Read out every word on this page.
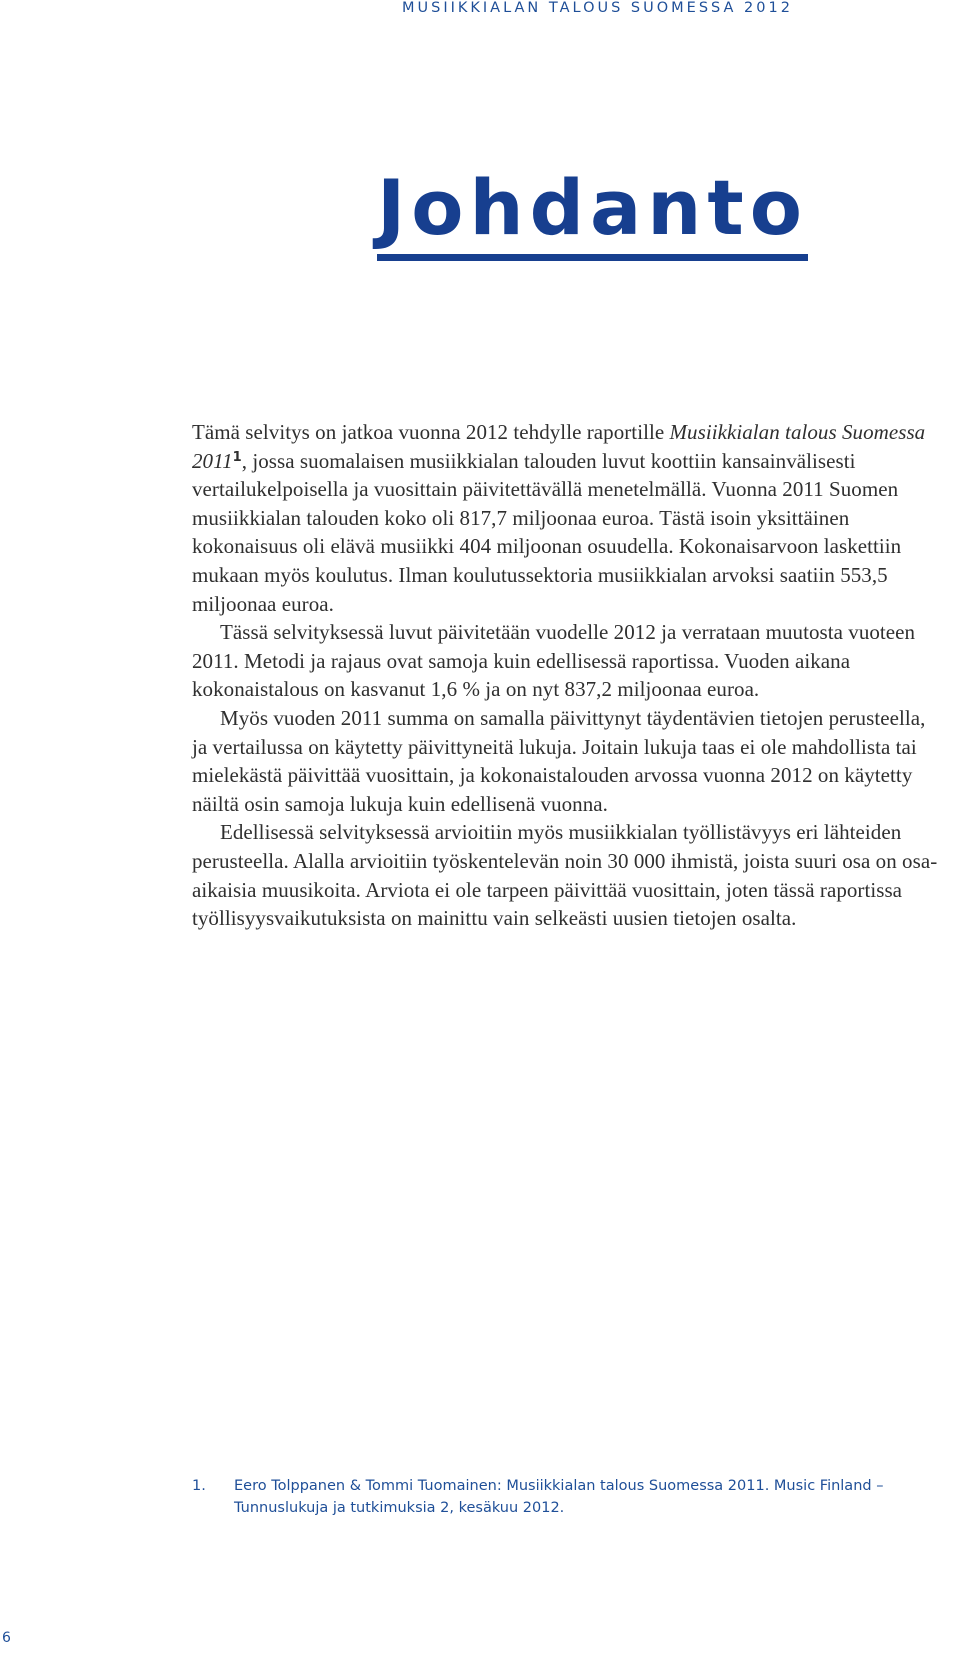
MUSIIKKIALAN TALOUS SUOMESSA 2012
Johdanto

Tämä selvitys on jatkoa vuonna 2012 tehdylle raportille Musiikkialan talous Suomessa 2011$^1$, jossa suomalaisen musiikkialan talouden luvut koottiin kansainvälisesti vertailukelpoisella ja vuosittain päivitettävällä menetelmällä. Vuonna 2011 Suomen musiikkialan talouden koko oli 817,7 miljoonaa euroa. Tästä isoin yksittäinen kokonaisuus oli elävä musiikki 404 miljoonan osuudella. Kokonaisarvoon laskettiin mukaan myös koulutus. Ilman koulutussektoria musiikkialan arvoksi saatiin 553,5 miljoonaa euroa.

Tässä selvityksessä luvut päivitetään vuodelle 2012 ja verrataan muutosta vuoteen 2011. Metodi ja rajaus ovat samoja kuin edellisessä raportissa. Vuoden aikana kokonaistalous on kasvanut 1,6 % ja on nyt 837,2 miljoonaa euroa.

Myös vuoden 2011 summa on samalla päivittynyt täydentävien tietojen perusteella, ja vertailussa on käytetty päivittyneitä lukuja. Joitain lukuja taas ei ole mahdollista tai mielekästä päivittää vuosittain, ja kokonaistalouden arvossa vuonna 2012 on käytetty näiltä osin samoja lukuja kuin edellisenä vuonna.

Edellisessä selvityksessä arvioitiin myös musiikkialan työllistävyys eri lähteiden perusteella. Alalla arvioitiin työskentelevän noin 30 000 ihmistä, joista suuri osa on osa-aikaisia muusikoita. Arviota ei ole tarpeen päivittää vuosittain, joten tässä raportissa työllisyysvaikutuksista on mainittu vain selkeästi uusien tietojen osalta.

1. Eero Tolppanen & Tommi Tuomainen: Musiikkialan talous Suomessa 2011. Music Finland – Tunnuslukuja ja tutkimuksia 2, kesäkuu 2012.
6
